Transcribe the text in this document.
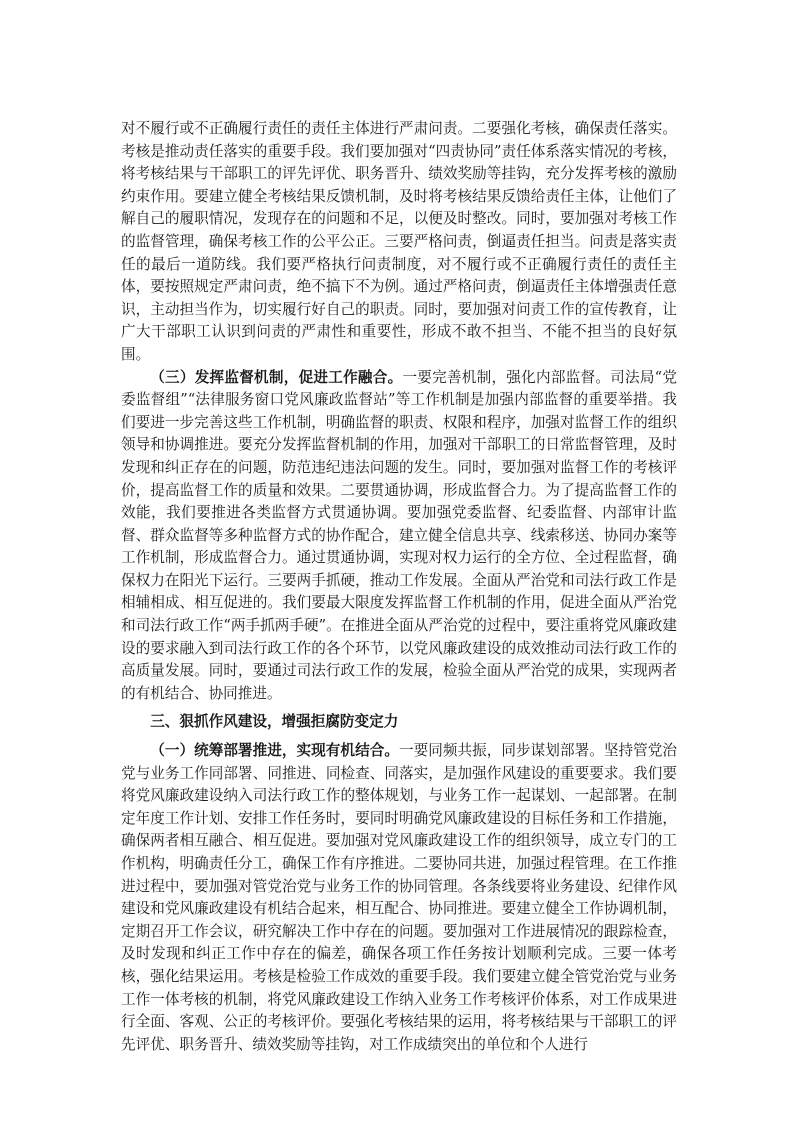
对不履行或不正确履行责任的责任主体进行严肃问责。二要强化考核，确保责任落实。考核是推动责任落实的重要手段。我们要加强对“四责协同”责任体系落实情况的考核，将考核结果与干部职工的评先评优、职务晋升、绩效奖励等挂钩，充分发挥考核的激励约束作用。要建立健全考核结果反馈机制，及时将考核结果反馈给责任主体，让他们了解自己的履职情况，发现存在的问题和不足，以便及时整改。同时，要加强对考核工作的监督管理，确保考核工作的公平公正。三要严格问责，倒逼责任担当。问责是落实责任的最后一道防线。我们要严格执行问责制度，对不履行或不正确履行责任的责任主体，要按照规定严肃问责，绝不搞下不为例。通过严格问责，倒逼责任主体增强责任意识，主动担当作为，切实履行好自己的职责。同时，要加强对问责工作的宣传教育，让广大干部职工认识到问责的严肃性和重要性，形成不敢不担当、不能不担当的良好氛围。

（三）发挥监督机制，促进工作融合。一要完善机制，强化内部监督。司法局“党委监督组”“法律服务窗口党风廉政监督站”等工作机制是加强内部监督的重要举措。我们要进一步完善这些工作机制，明确监督的职责、权限和程序，加强对监督工作的组织领导和协调推进。要充分发挥监督机制的作用，加强对干部职工的日常监督管理，及时发现和纠正存在的问题，防范违纪违法问题的发生。同时，要加强对监督工作的考核评价，提高监督工作的质量和效果。二要贯通协调，形成监督合力。为了提高监督工作的效能，我们要推进各类监督方式贯通协调。要加强党委监督、纪委监督、内部审计监督、群众监督等多种监督方式的协作配合，建立健全信息共享、线索移送、协同办案等工作机制，形成监督合力。通过贯通协调，实现对权力运行的全方位、全过程监督，确保权力在阳光下运行。三要两手抓硬，推动工作发展。全面从严治党和司法行政工作是相辅相成、相互促进的。我们要最大限度发挥监督工作机制的作用，促进全面从严治党和司法行政工作“两手抓两手硬”。在推进全面从严治党的过程中，要注重将党风廉政建设的要求融入到司法行政工作的各个环节，以党风廉政建设的成效推动司法行政工作的高质量发展。同时，要通过司法行政工作的发展，检验全面从严治党的成果，实现两者的有机结合、协同推进。

三、狠抓作风建设，增强拒腐防变定力

（一）统筹部署推进，实现有机结合。一要同频共振，同步谋划部署。坚持管党治党与业务工作同部署、同推进、同检查、同落实，是加强作风建设的重要要求。我们要将党风廉政建设纳入司法行政工作的整体规划，与业务工作一起谋划、一起部署。在制定年度工作计划、安排工作任务时，要同时明确党风廉政建设的目标任务和工作措施，确保两者相互融合、相互促进。要加强对党风廉政建设工作的组织领导，成立专门的工作机构，明确责任分工，确保工作有序推进。二要协同共进，加强过程管理。在工作推进过程中，要加强对管党治党与业务工作的协同管理。各条线要将业务建设、纪律作风建设和党风廉政建设有机结合起来，相互配合、协同推进。要建立健全工作协调机制，定期召开工作会议，研究解决工作中存在的问题。要加强对工作进展情况的跟踪检查，及时发现和纠正工作中存在的偏差，确保各项工作任务按计划顺利完成。三要一体考核，强化结果运用。考核是检验工作成效的重要手段。我们要建立健全管党治党与业务工作一体考核的机制，将党风廉政建设工作纳入业务工作考核评价体系，对工作成果进行全面、客观、公正的考核评价。要强化考核结果的运用，将考核结果与干部职工的评先评优、职务晋升、绩效奖励等挂钩，对工作成绩突出的单位和个人进行
